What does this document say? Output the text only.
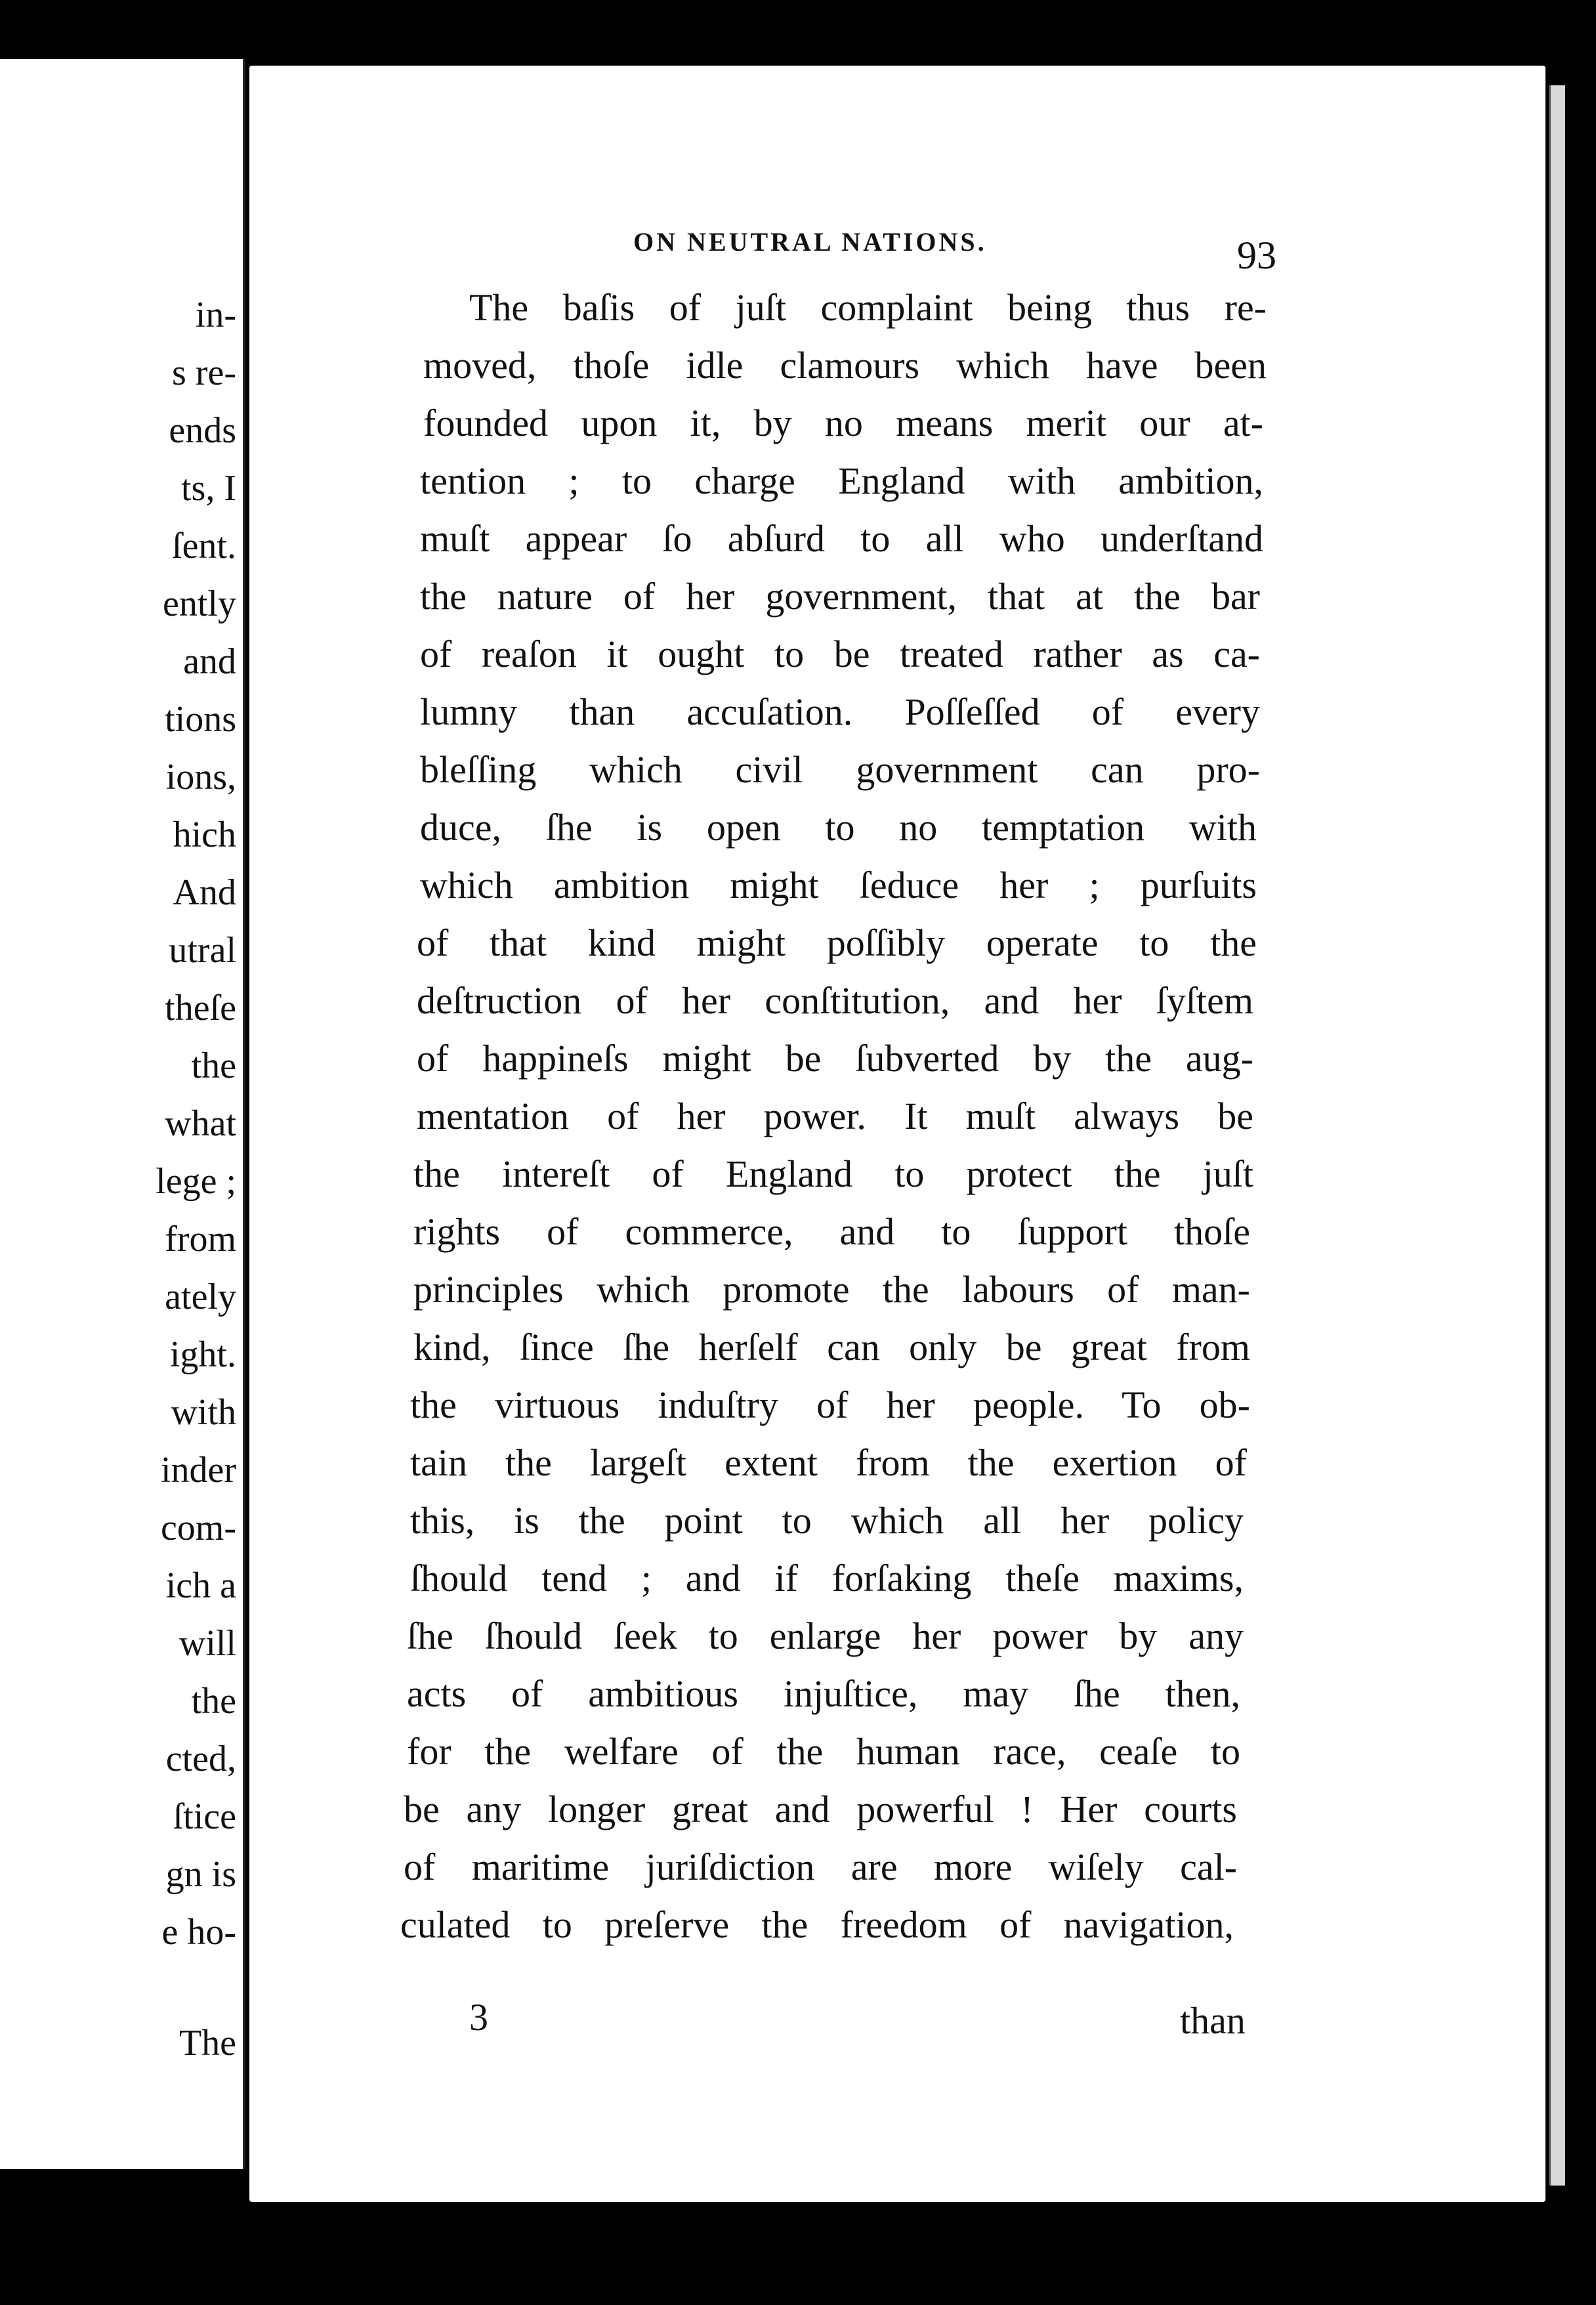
in-
s re-
ends
ts, I
ſent.
ently
and
tions
ions,
hich
And
utral
theſe
the
what
lege ;
from
ately
ight.
with
inder
com-
ich a
will
the
cted,
ſtice
gn is
e ho-
The
ON NEUTRAL NATIONS.	93
The baſis of juſt complaint being thus re-
moved, thoſe idle clamours which have been
founded upon it, by no means merit our at-
tention ; to charge England with ambition,
muſt appear ſo abſurd to all who underſtand
the nature of her government, that at the bar
of reaſon it ought to be treated rather as ca-
lumny than accuſation. Poſſeſſed of every
bleſſing which civil government can pro-
duce, ſhe is open to no temptation with
which ambition might ſeduce her ; purſuits
of that kind might poſſibly operate to the
deſtruction of her conſtitution, and her ſyſtem
of happineſs might be ſubverted by the aug-
mentation of her power. It muſt always be
the intereſt of England to protect the juſt
rights of commerce, and to ſupport thoſe
principles which promote the labours of man-
kind, ſince ſhe herſelf can only be great from
the virtuous induſtry of her people. To ob-
tain the largeſt extent from the exertion of
this, is the point to which all her policy
ſhould tend ; and if forſaking theſe maxims,
ſhe ſhould ſeek to enlarge her power by any
acts of ambitious injuſtice, may ſhe then,
for the welfare of the human race, ceaſe to
be any longer great and powerful ! Her courts
of maritime juriſdiction are more wiſely cal-
culated to preſerve the freedom of navigation,
3	than
